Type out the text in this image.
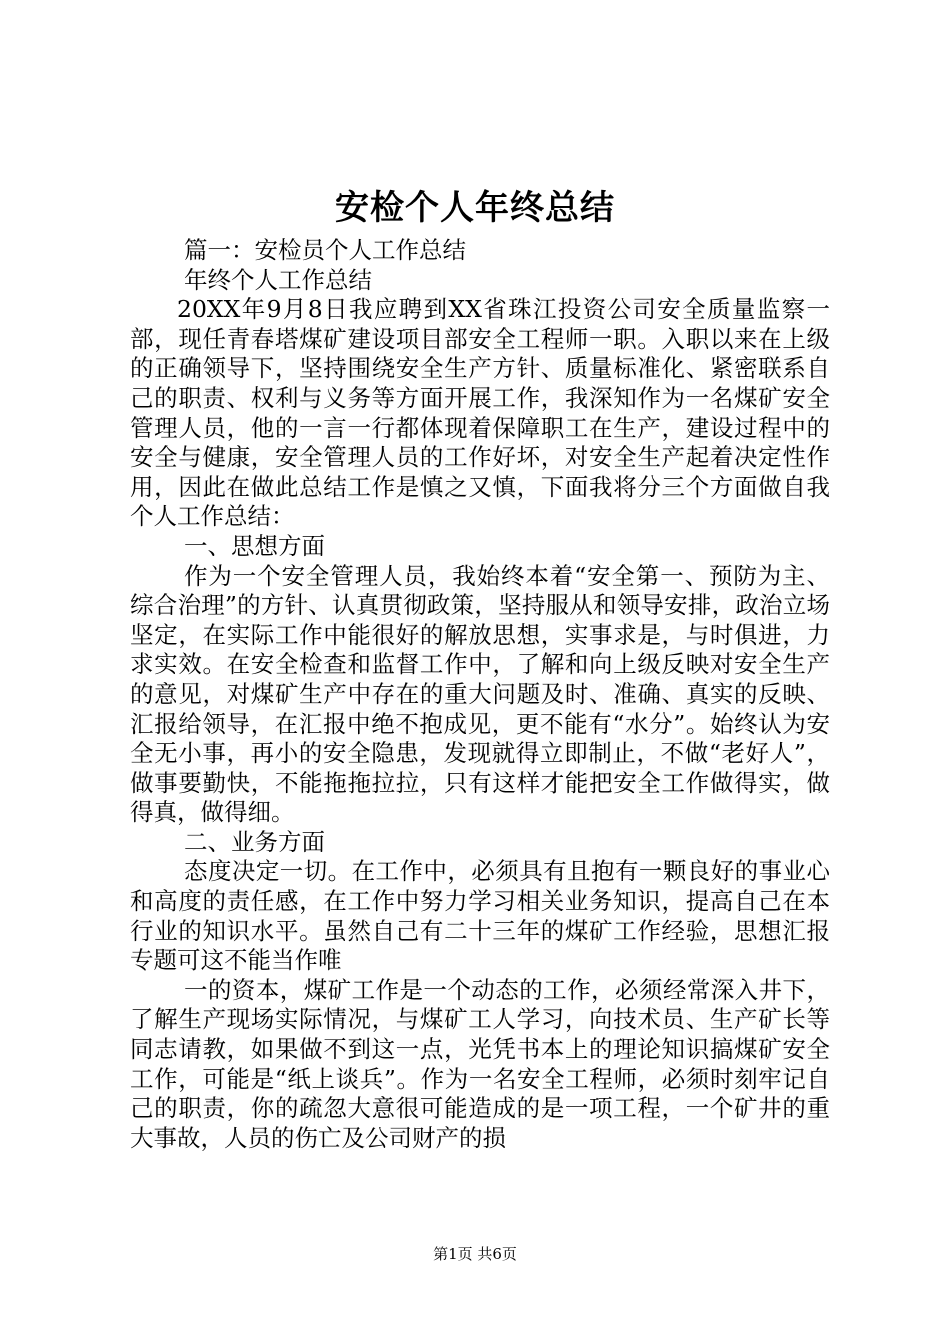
安检个人年终总结

篇一：安检员个人工作总结

年终个人工作总结

20XX年9月8日我应聘到XX省珠江投资公司安全质量监察一部，现任青春塔煤矿建设项目部安全工程师一职。入职以来在上级的正确领导下，坚持围绕安全生产方针、质量标准化、紧密联系自己的职责、权利与义务等方面开展工作，我深知作为一名煤矿安全管理人员，他的一言一行都体现着保障职工在生产，建设过程中的安全与健康，安全管理人员的工作好坏，对安全生产起着决定性作用，因此在做此总结工作是慎之又慎，下面我将分三个方面做自我个人工作总结：

一、思想方面

作为一个安全管理人员，我始终本着“安全第一、预防为主、综合治理”的方针、认真贯彻政策，坚持服从和领导安排，政治立场坚定，在实际工作中能很好的解放思想，实事求是，与时俱进，力求实效。在安全检查和监督工作中，了解和向上级反映对安全生产的意见，对煤矿生产中存在的重大问题及时、准确、真实的反映、汇报给领导，在汇报中绝不抱成见，更不能有“水分”。始终认为安全无小事，再小的安全隐患，发现就得立即制止，不做“老好人”，做事要勤快，不能拖拖拉拉，只有这样才能把安全工作做得实，做得真，做得细。

二、业务方面

态度决定一切。在工作中，必须具有且抱有一颗良好的事业心和高度的责任感，在工作中努力学习相关业务知识，提高自己在本行业的知识水平。虽然自己有二十三年的煤矿工作经验，思想汇报专题可这不能当作唯

一的资本，煤矿工作是一个动态的工作，必须经常深入井下，了解生产现场实际情况，与煤矿工人学习，向技术员、生产矿长等同志请教，如果做不到这一点，光凭书本上的理论知识搞煤矿安全工作，可能是“纸上谈兵”。作为一名安全工程师，必须时刻牢记自己的职责，你的疏忽大意很可能造成的是一项工程，一个矿井的重大事故，人员的伤亡及公司财产的损

第1页 共6页
